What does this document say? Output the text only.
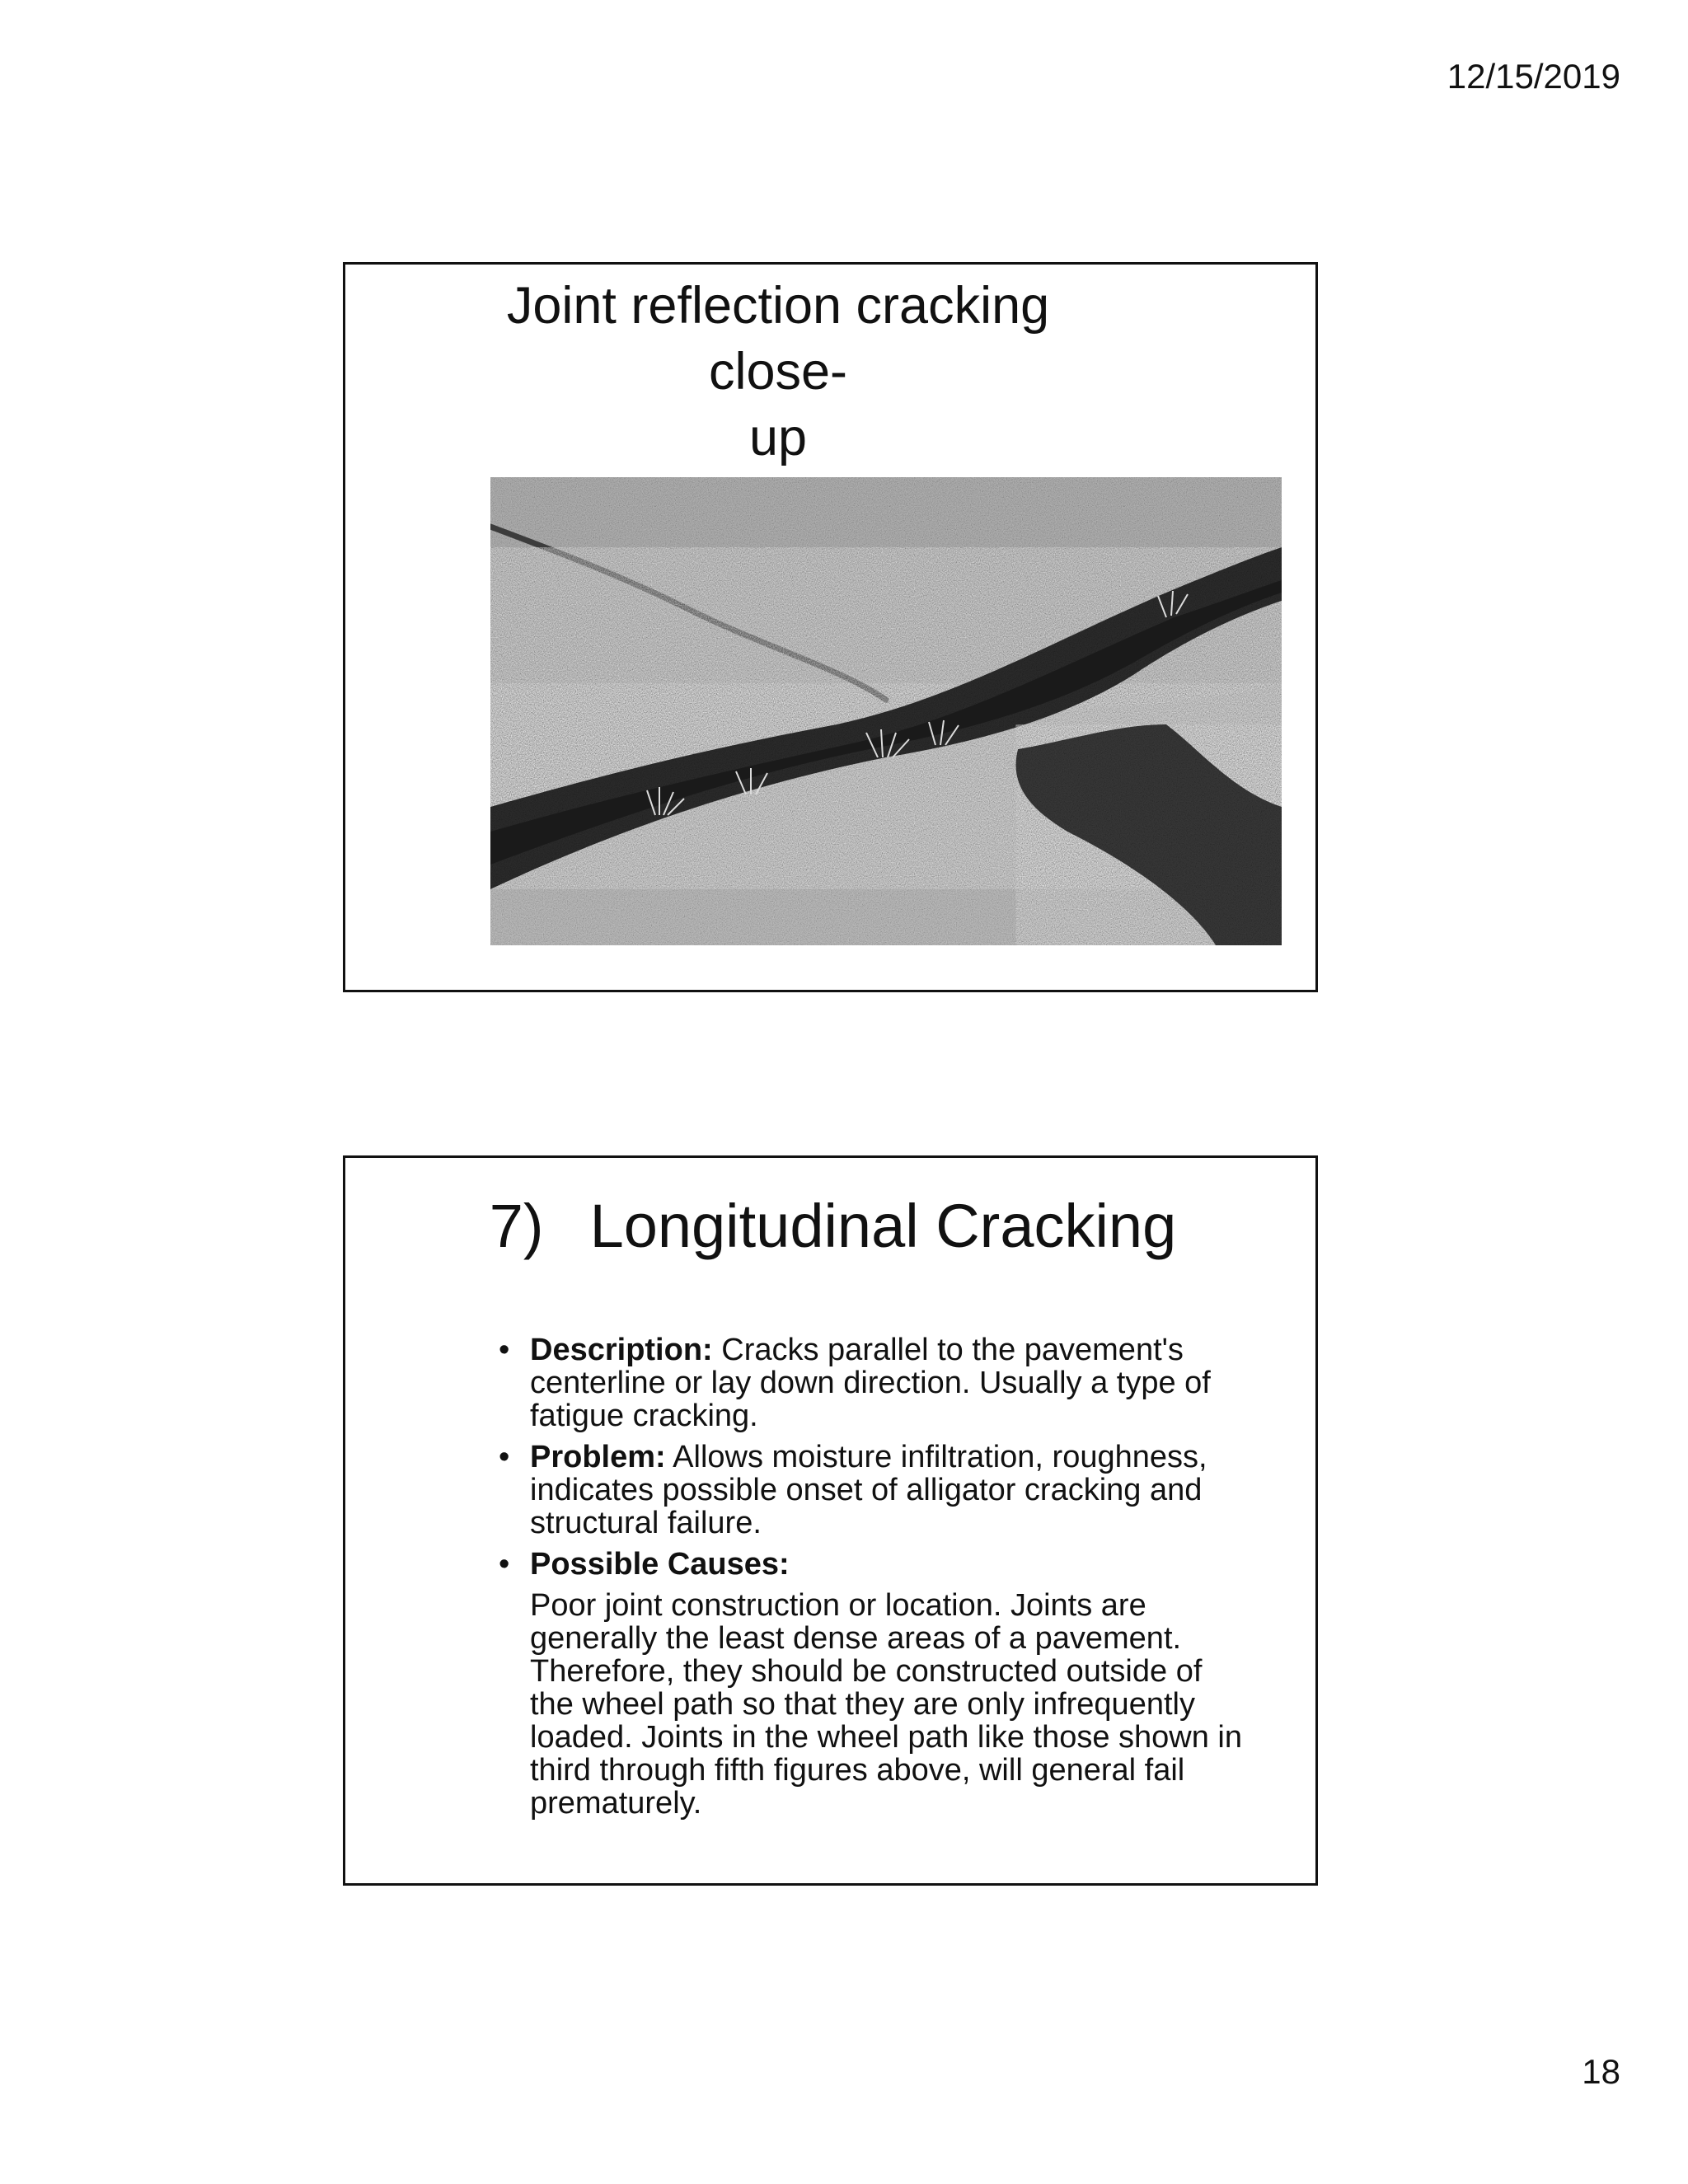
12/15/2019
Joint reflection cracking close-
up
7) Longitudinal Cracking
• Description: Cracks parallel to the pavement's centerline or lay down direction. Usually a type of fatigue cracking.
• Problem: Allows moisture infiltration, roughness, indicates possible onset of alligator cracking and structural failure.
• Possible Causes:
Poor joint construction or location. Joints are generally the least dense areas of a pavement. Therefore, they should be constructed outside of the wheel path so that they are only infrequently loaded. Joints in the wheel path like those shown in third through fifth figures above, will general fail prematurely.
18
